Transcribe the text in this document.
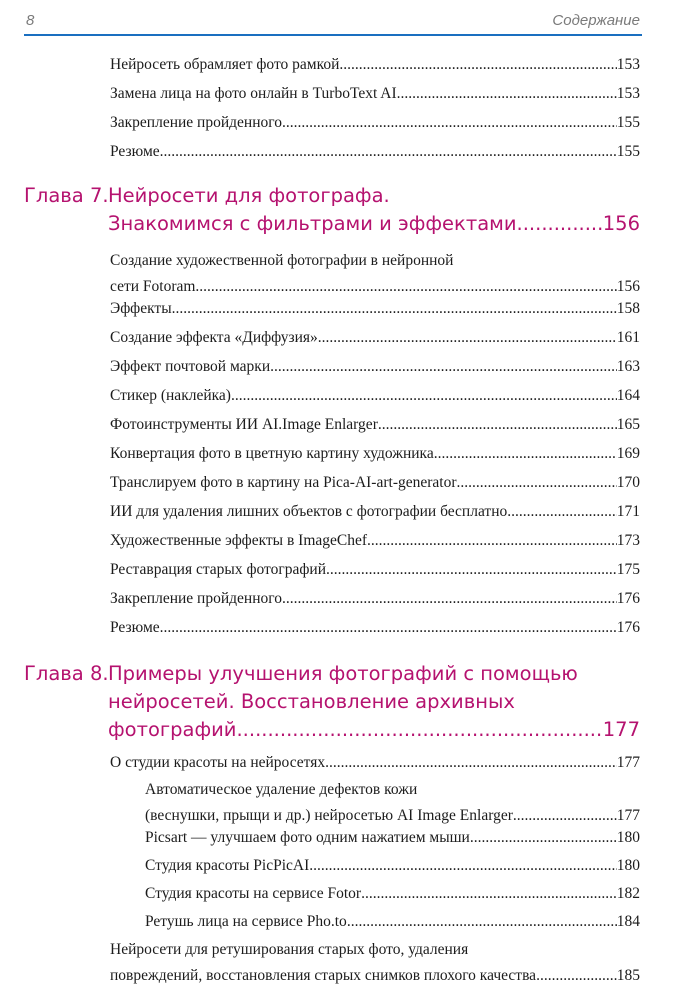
8	Содержание
Нейросеть обрамляет фото рамкой .....	153
Замена лица на фото онлайн в TurboText AI .....	153
Закрепление пройденного .....	155
Резюме .....	155
Глава 7. Нейросети для фотографа.
Знакомимся с фильтрами и эффектами .....	156
Создание художественной фотографии в нейронной
сети Fotoram .....	156
Эффекты .....	158
Создание эффекта «Диффузия» .....	161
Эффект почтовой марки .....	163
Стикер (наклейка) .....	164
Фотоинструменты ИИ AI.Image Enlarger .....	165
Конвертация фото в цветную картину художника .....	169
Транслируем фото в картину на Pica-AI-art-generator .....	170
ИИ для удаления лишних объектов с фотографии бесплатно .....	171
Художественные эффекты в ImageChef .....	173
Реставрация старых фотографий .....	175
Закрепление пройденного .....	176
Резюме .....	176
Глава 8. Примеры улучшения фотографий с помощью
нейросетей. Восстановление архивных
фотографий .....	177
О студии красоты на нейросетях .....	177
Автоматическое удаление дефектов кожи
(веснушки, прыщи и др.) нейросетью AI Image Enlarger .....	177
Picsart — улучшаем фото одним нажатием мыши .....	180
Студия красоты PicPicAI .....	180
Студия красоты на сервисе Fotor .....	182
Ретушь лица на сервисе Pho.to .....	184
Нейросети для ретуширования старых фото, удаления
повреждений, восстановления старых снимков плохого качества .....	185
